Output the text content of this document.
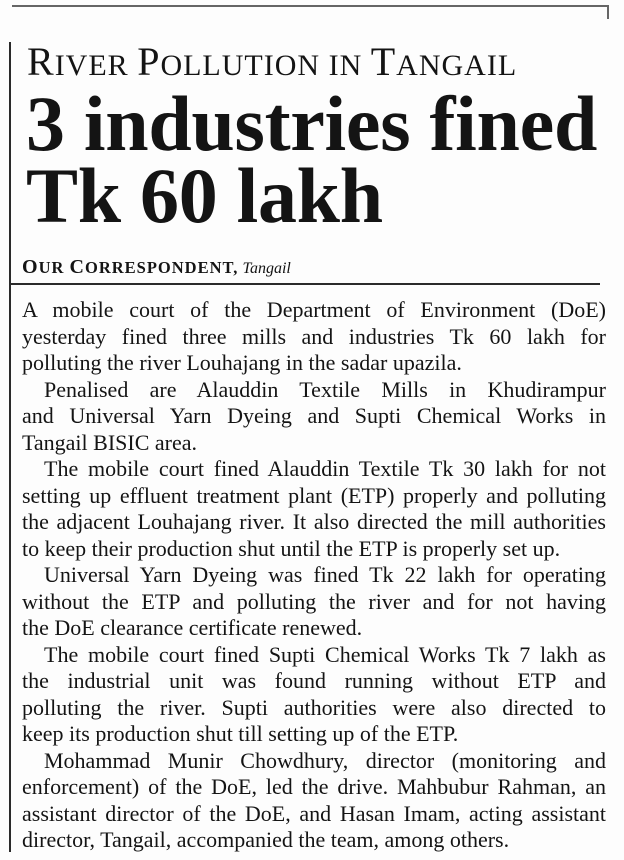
RIVER POLLUTION IN TANGAIL
3 industries fined
Tk 60 lakh
OUR CORRESPONDENT, Tangail
A mobile court of the Department of Environment (DoE)
yesterday fined three mills and industries Tk 60 lakh for
polluting the river Louhajang in the sadar upazila.
Penalised are Alauddin Textile Mills in Khudirampur
and Universal Yarn Dyeing and Supti Chemical Works in
Tangail BISIC area.
The mobile court fined Alauddin Textile Tk 30 lakh for not
setting up effluent treatment plant (ETP) properly and polluting
the adjacent Louhajang river. It also directed the mill authorities
to keep their production shut until the ETP is properly set up.
Universal Yarn Dyeing was fined Tk 22 lakh for operating
without the ETP and polluting the river and for not having
the DoE clearance certificate renewed.
The mobile court fined Supti Chemical Works Tk 7 lakh as
the industrial unit was found running without ETP and
polluting the river. Supti authorities were also directed to
keep its production shut till setting up of the ETP.
Mohammad Munir Chowdhury, director (monitoring and
enforcement) of the DoE, led the drive. Mahbubur Rahman, an
assistant director of the DoE, and Hasan Imam, acting assistant
director, Tangail, accompanied the team, among others.
